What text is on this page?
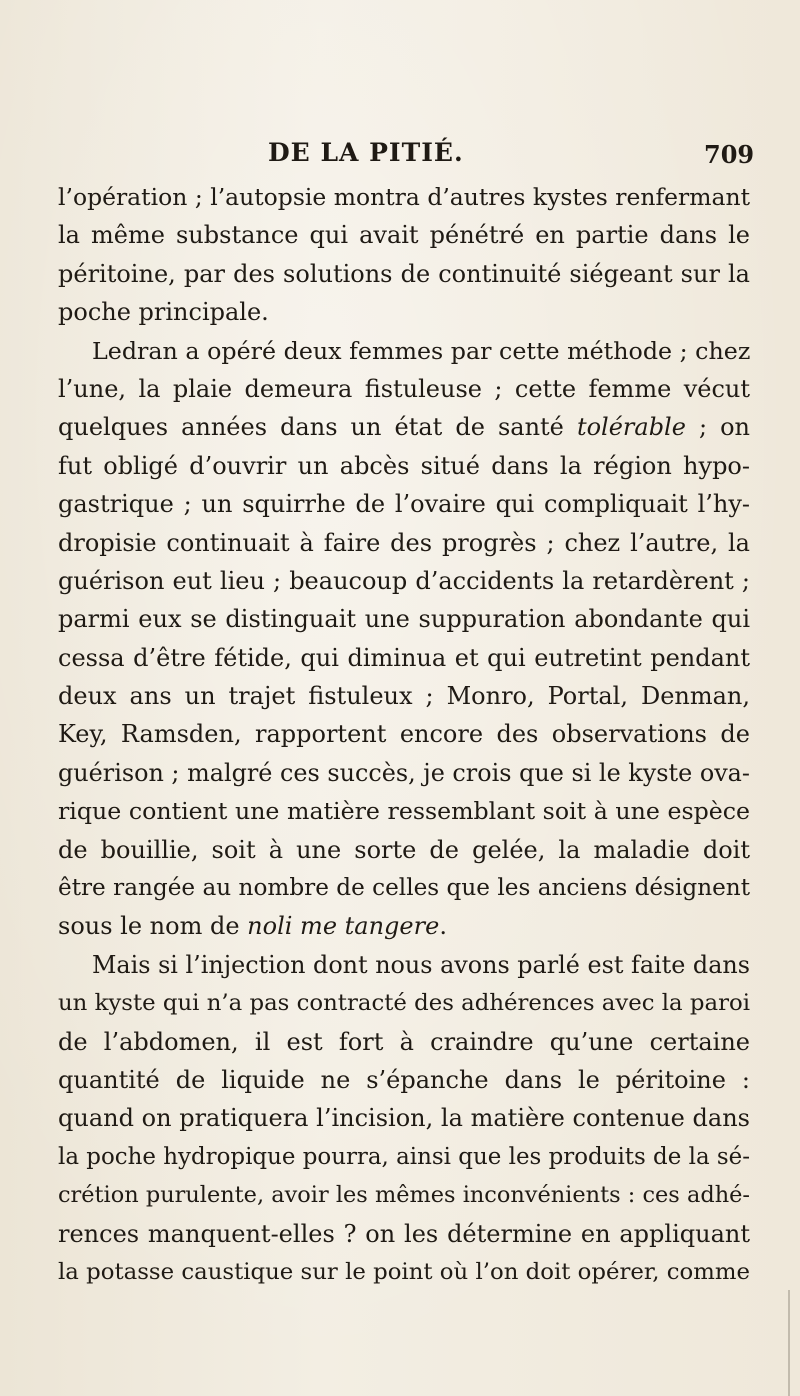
DE LA PITIÉ.	709
l’opération ; l’autopsie montra d’autres kystes renfermant
la même substance qui avait pénétré en partie dans le
péritoine, par des solutions de continuité siégeant sur la
poche principale.
Ledran a opéré deux femmes par cette méthode ; chez
l’une, la plaie demeura fistuleuse ; cette femme vécut
quelques années dans un état de santé tolérable ; on
fut obligé d’ouvrir un abcès situé dans la région hypo-
gastrique ; un squirrhe de l’ovaire qui compliquait l’hy-
dropisie continuait à faire des progrès ; chez l’autre, la
guérison eut lieu ; beaucoup d’accidents la retardèrent ;
parmi eux se distinguait une suppuration abondante qui
cessa d’être fétide, qui diminua et qui eutretint pendant
deux ans un trajet fistuleux ; Monro, Portal, Denman,
Key, Ramsden, rapportent encore des observations de
guérison ; malgré ces succès, je crois que si le kyste ova-
rique contient une matière ressemblant soit à une espèce
de bouillie, soit à une sorte de gelée, la maladie doit
être rangée au nombre de celles que les anciens désignent
sous le nom de noli me tangere.
Mais si l’injection dont nous avons parlé est faite dans
un kyste qui n’a pas contracté des adhérences avec la paroi
de l’abdomen, il est fort à craindre qu’une certaine
quantité de liquide ne s’épanche dans le péritoine :
quand on pratiquera l’incision, la matière contenue dans
la poche hydropique pourra, ainsi que les produits de la sé-
crétion purulente, avoir les mêmes inconvénients : ces adhé-
rences manquent-elles ? on les détermine en appliquant
la potasse caustique sur le point où l’on doit opérer, comme
